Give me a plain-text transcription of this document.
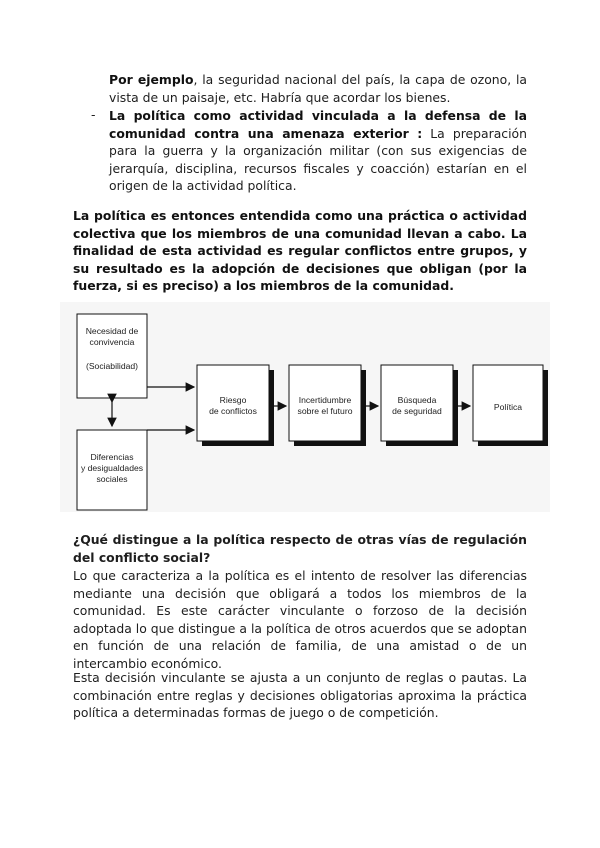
Por ejemplo, la seguridad nacional del país, la capa de ozono, la vista de un paisaje, etc. Habría que acordar los bienes.

- La política como actividad vinculada a la defensa de la comunidad contra una amenaza exterior : La preparación para la guerra y la organización militar (con sus exigencias de jerarquía, disciplina, recursos fiscales y coacción) estarían en el origen de la actividad política.

La política es entonces entendida como una práctica o actividad colectiva que los miembros de una comunidad llevan a cabo. La finalidad de esta actividad es regular conflictos entre grupos, y su resultado es la adopción de decisiones que obligan (por la fuerza, si es preciso) a los miembros de la comunidad.

Necesidad de
convivencia
(Sociabilidad)
Diferencias
y desigualdades
sociales
Riesgo
de conflictos
Incertidumbre
sobre el futuro
Búsqueda
de seguridad	Política

¿Qué distingue a la política respecto de otras vías de regulación del conflicto social?

Lo que caracteriza a la política es el intento de resolver las diferencias mediante una decisión que obligará a todos los miembros de la comunidad. Es este carácter vinculante o forzoso de la decisión adoptada lo que distingue a la política de otros acuerdos que se adoptan en función de una relación de familia, de una amistad o de un intercambio económico.

Esta decisión vinculante se ajusta a un conjunto de reglas o pautas. La combinación entre reglas y decisiones obligatorias aproxima la práctica política a determinadas formas de juego o de competición.
